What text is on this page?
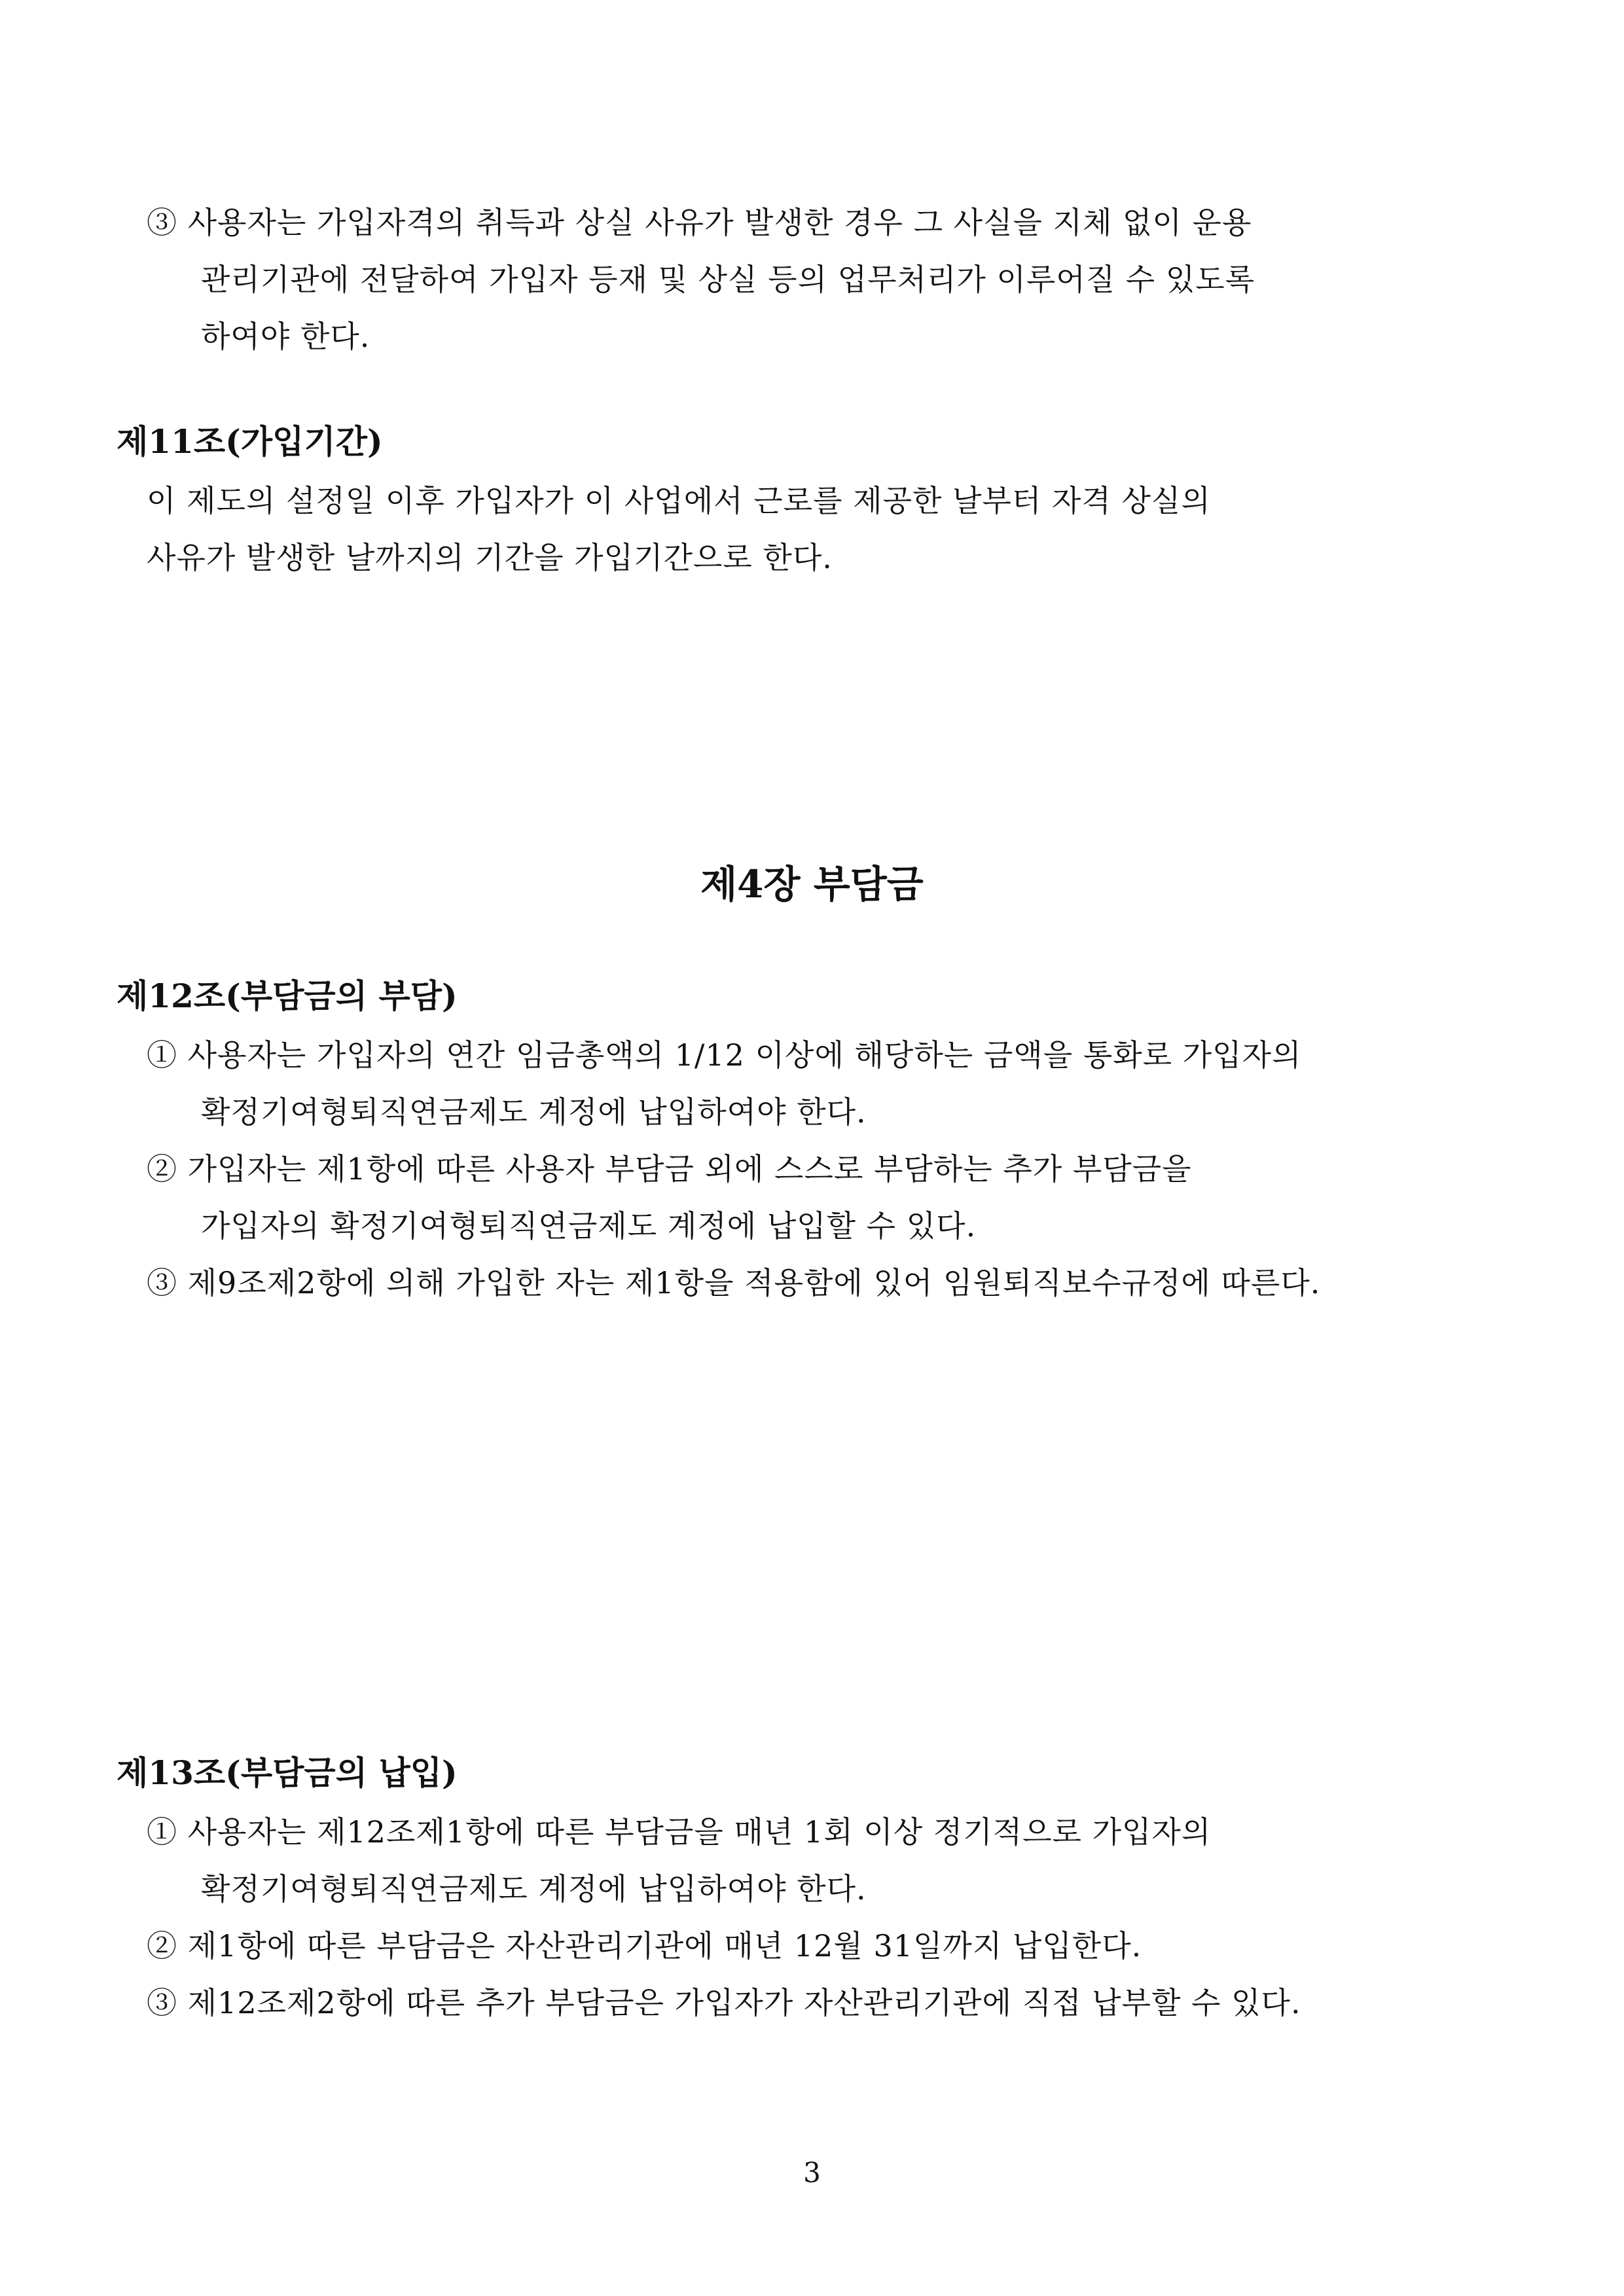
③ 사용자는 가입자격의 취득과 상실 사유가 발생한 경우 그 사실을 지체 없이 운용
관리기관에 전달하여 가입자 등재 및 상실 등의 업무처리가 이루어질 수 있도록
하여야 한다.
제11조(가입기간)
이 제도의 설정일 이후 가입자가 이 사업에서 근로를 제공한 날부터 자격 상실의
사유가 발생한 날까지의 기간을 가입기간으로 한다.
제4장 부담금
제12조(부담금의 부담)
① 사용자는 가입자의 연간 임금총액의 1/12 이상에 해당하는 금액을 통화로 가입자의
확정기여형퇴직연금제도 계정에 납입하여야 한다.
② 가입자는 제1항에 따른 사용자 부담금 외에 스스로 부담하는 추가 부담금을
가입자의 확정기여형퇴직연금제도 계정에 납입할 수 있다.
③ 제9조제2항에 의해 가입한 자는 제1항을 적용함에 있어 임원퇴직보수규정에 따른다.
제13조(부담금의 납입)
① 사용자는 제12조제1항에 따른 부담금을 매년 1회 이상 정기적으로 가입자의
확정기여형퇴직연금제도 계정에 납입하여야 한다.
② 제1항에 따른 부담금은 자산관리기관에 매년 12월 31일까지 납입한다.
③ 제12조제2항에 따른 추가 부담금은 가입자가 자산관리기관에 직접 납부할 수 있다.
3
